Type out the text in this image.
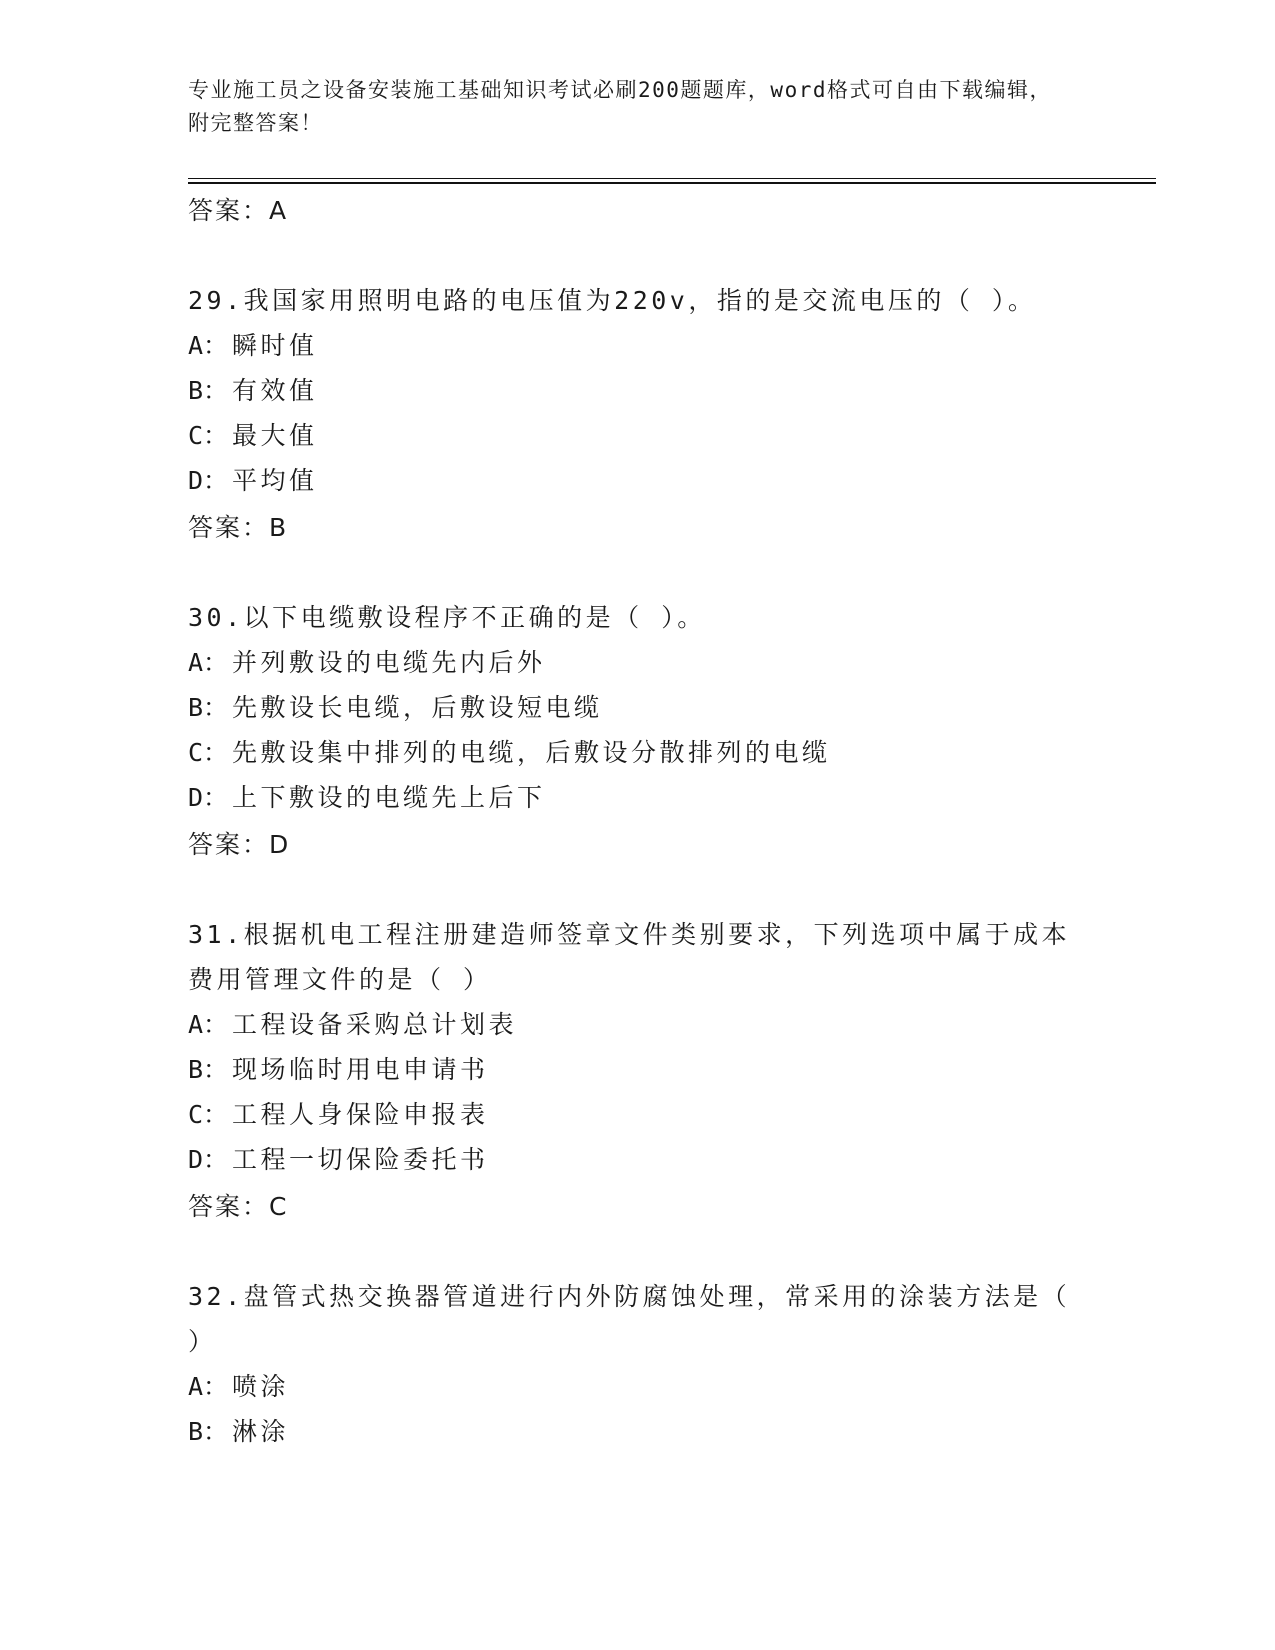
专业施工员之设备安装施工基础知识考试必刷200题题库，word格式可自由下载编辑，附完整答案！
答案：A
29.我国家用照明电路的电压值为220v，指的是交流电压的（ ）。
A： 瞬时值
B： 有效值
C： 最大值
D： 平均值
答案：B
30.以下电缆敷设程序不正确的是（ ）。
A： 并列敷设的电缆先内后外
B： 先敷设长电缆，后敷设短电缆
C： 先敷设集中排列的电缆，后敷设分散排列的电缆
D： 上下敷设的电缆先上后下
答案：D
31.根据机电工程注册建造师签章文件类别要求，下列选项中属于成本费用管理文件的是（ ）
A： 工程设备采购总计划表
B： 现场临时用电申请书
C： 工程人身保险申报表
D： 工程一切保险委托书
答案：C
32.盘管式热交换器管道进行内外防腐蚀处理，常采用的涂装方法是（ ）
A： 喷涂
B： 淋涂
